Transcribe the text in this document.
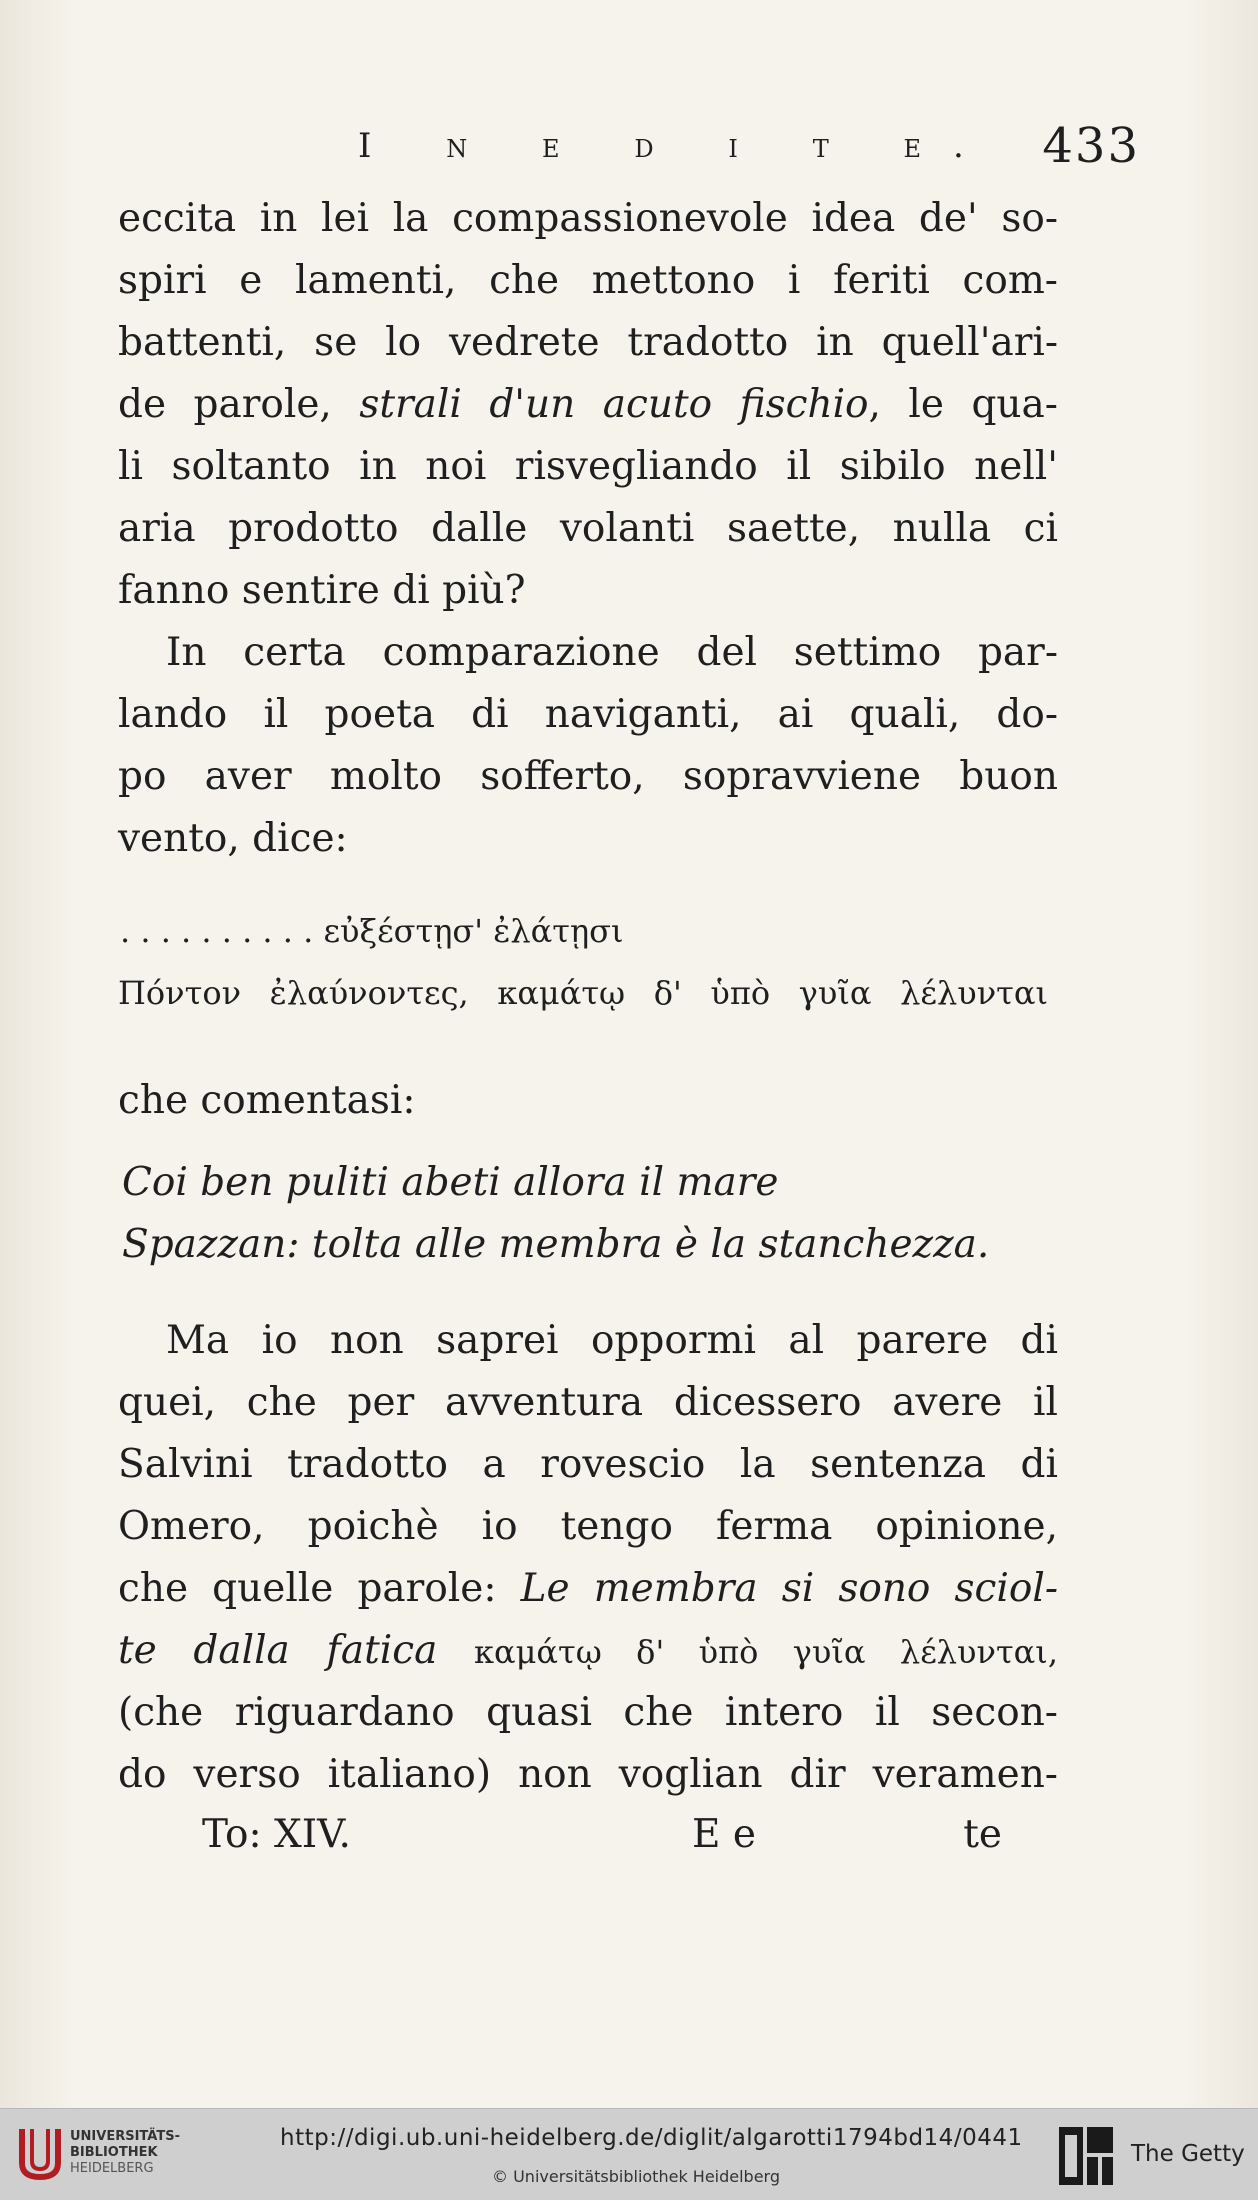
I n e d i t e. 433
eccita in lei la compassionevole idea de' so-
spiri e lamenti, che mettono i feriti com-
battenti, se lo vedrete tradotto in quell'ari-
de parole, strali d'un acuto fischio, le qua-
li soltanto in noi risvegliando il sibilo nell'
aria prodotto dalle volanti saette, nulla ci
fanno sentire di più?
In certa comparazione del settimo par-
lando il poeta di naviganti, ai quali, do-
po aver molto sofferto, sopravviene buon
vento, dice:
. . . . . . . . . . εὐξέστῃσ' ἐλάτῃσι
Πόντον ἐλαύνοντες, καμάτῳ δ' ὑπὸ γυῖα λέλυνται
che comentasi:
Coi ben puliti abeti allora il mare
Spazzan: tolta alle membra è la stanchezza.
Ma io non saprei oppormi al parere di
quei, che per avventura dicessero avere il
Salvini tradotto a rovescio la sentenza di
Omero, poichè io tengo ferma opinione,
che quelle parole: Le membra si sono sciol-
te dalla fatica καμάτῳ δ' ὑπὸ γυῖα λέλυνται,
(che riguardano quasi che intero il secon-
do verso italiano) non voglian dir veramen-
To: XIV.	E e	te
UNIVERSITÄTS-
BIBLIOTHEK
HEIDELBERG
http://digi.ub.uni-heidelberg.de/diglit/algarotti1794bd14/0441
© Universitätsbibliothek Heidelberg
The Getty
